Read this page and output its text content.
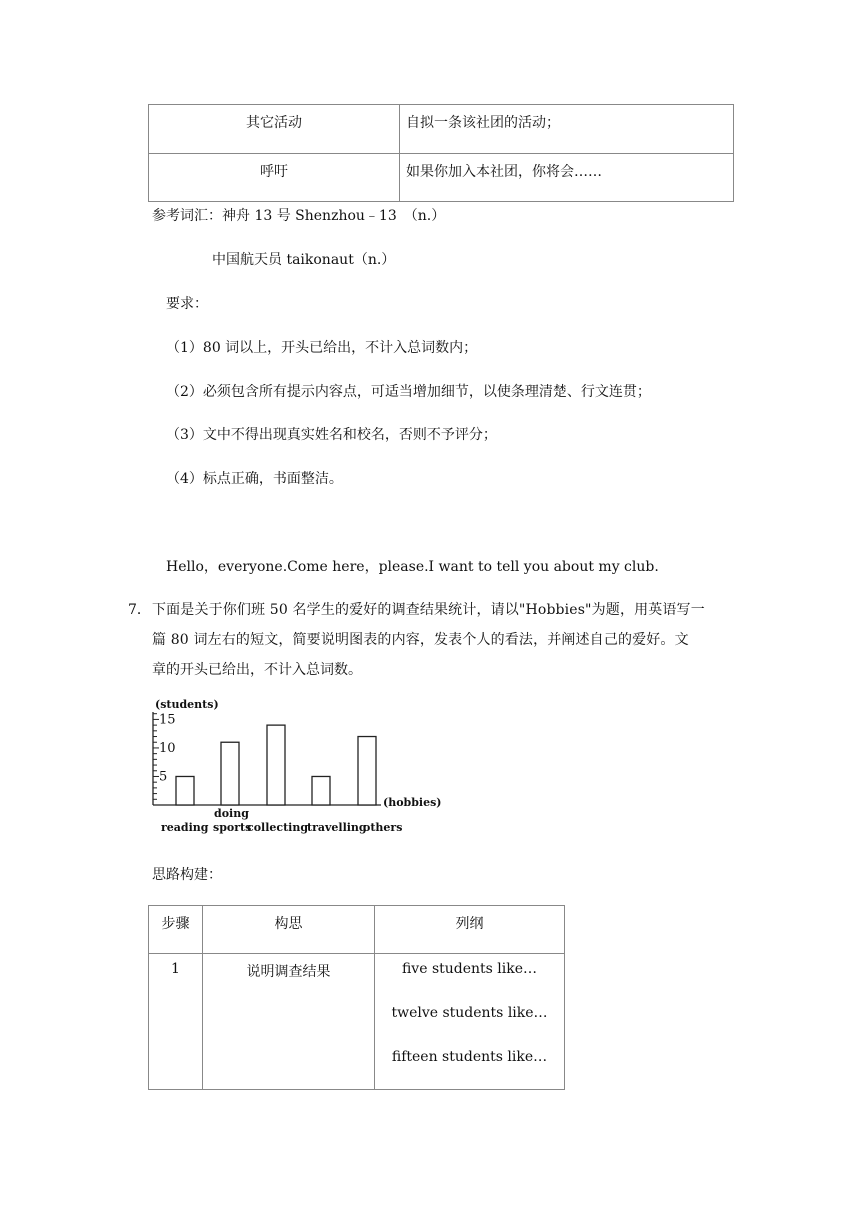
其它活动	自拟一条该社团的活动；
呼吁	如果你加入本社团，你将会……
参考词汇：神舟 13 号 Shenzhou﹣13　（n.）
中国航天员 taikonaut（n.）
要求：
（1）80 词以上，开头已给出，不计入总词数内；
（2）必须包含所有提示内容点，可适当增加细节，以使条理清楚、行文连贯；
（3）文中不得出现真实姓名和校名，否则不予评分；
（4）标点正确，书面整洁。
Hello，everyone.Come here，please.I want to tell you about my club.
7． 下面是关于你们班 50 名学生的爱好的调查结果统计，请以"Hobbies"为题，用英语写一
篇 80 词左右的短文，简要说明图表的内容，发表个人的看法，并阐述自己的爱好。文
章的开头已给出，不计入总词数。
(students)
(hobbies)
5
10
15
reading
doing
sports
collecting
travelling
others
思路构建：
步骤	构思	列纲
1	说明调查结果	five students like…
twelve students like…
fifteen students like…
